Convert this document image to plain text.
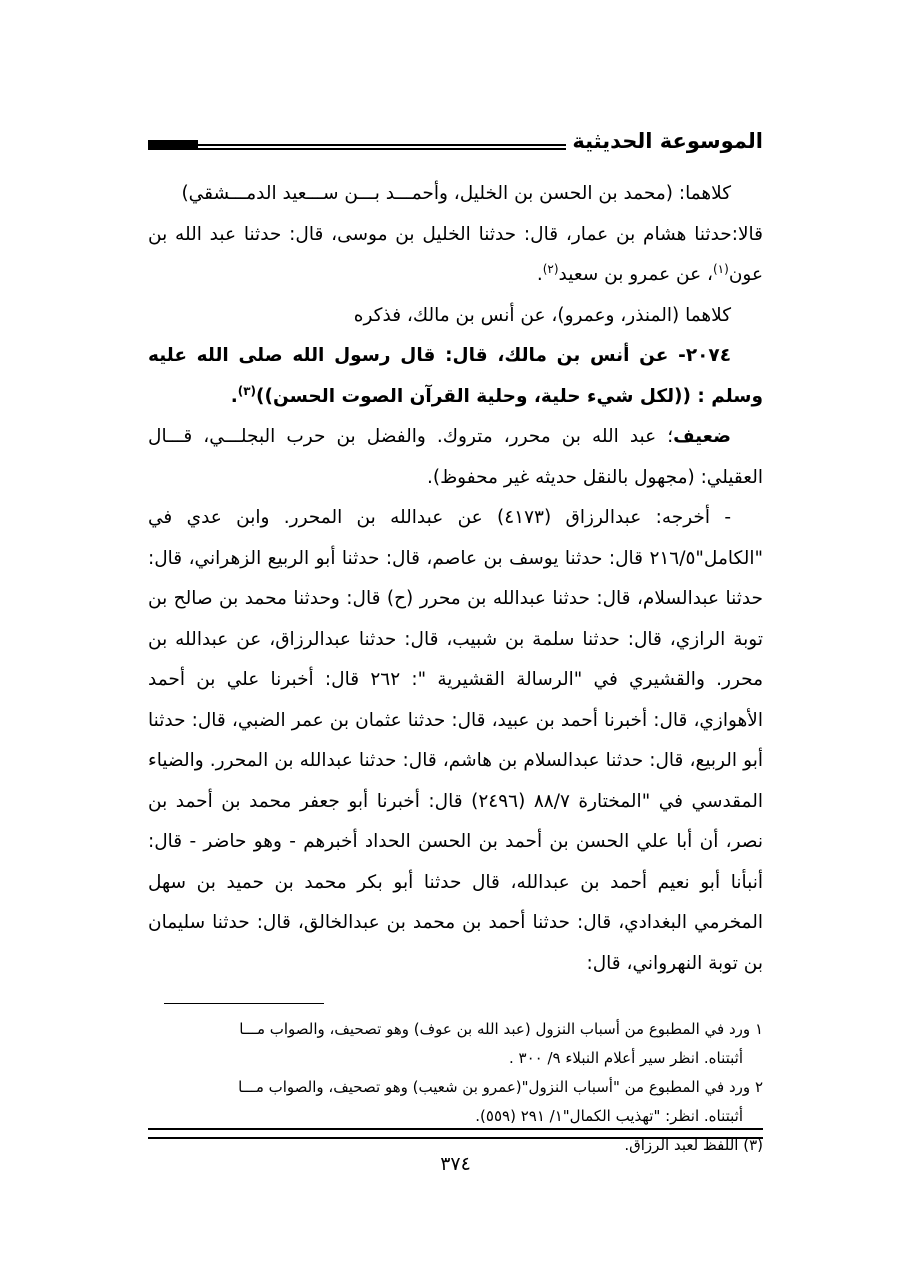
الموسوعة الحديثية

كلاهما: (محمد بن الحسن بن الخليل، وأحمـــد بـــن ســـعيد الدمـــشقي)

قالا:حدثنا هشام بن عمار، قال: حدثنا الخليل بن موسى، قال: حدثنا عبد الله بن عون$^{(١)}$، عن عمرو بن سعيد$^{(٢)}$.

كلاهما (المنذر، وعمرو)، عن أنس بن مالك، فذكره

٢٠٧٤- عن أنس بن مالك، قال: قال رسول الله صلى الله عليه وسلم : ((لكل شيء حلية، وحلية القرآن الصوت الحسن))$^{(٣)}$.

ضعيف؛ عبد الله بن محرر، متروك. والفضل بن حرب البجلـــي، قـــال العقيلي: (مجهول بالنقل حديثه غير محفوظ).

- أخرجه: عبدالرزاق (٤١٧٣) عن عبدالله بن المحرر. وابن عدي في "الكامل"٢١٦/٥ قال: حدثنا يوسف بن عاصم، قال: حدثنا أبو الربيع الزهراني، قال: حدثنا عبدالسلام، قال: حدثنا عبدالله بن محرر (ح) قال: وحدثنا محمد بن صالح بن توبة الرازي، قال: حدثنا سلمة بن شبيب، قال: حدثنا عبدالرزاق، عن عبدالله بن محرر. والقشيري في "الرسالة القشيرية ": ٢٦٢ قال: أخبرنا علي بن أحمد الأهوازي، قال: أخبرنا أحمد بن عبيد، قال: حدثنا عثمان بن عمر الضبي، قال: حدثنا أبو الربيع، قال: حدثنا عبدالسلام بن هاشم، قال: حدثنا عبدالله بن المحرر. والضياء المقدسي في "المختارة ٨٨/٧ (٢٤٩٦) قال: أخبرنا أبو جعفر محمد بن أحمد بن نصر، أن أبا علي الحسن بن أحمد بن الحسن الحداد أخبرهم - وهو حاضر - قال: أنبأنا أبو نعيم أحمد بن عبدالله، قال حدثنا أبو بكر محمد بن حميد بن سهل المخرمي البغدادي، قال: حدثنا أحمد بن محمد بن عبدالخالق، قال: حدثنا سليمان بن توبة النهرواني، قال:

١ ورد في المطبوع من أسباب النزول (عبد الله بن عوف) وهو تصحيف، والصواب مـــا

أثبتناه. انظر سير أعلام النبلاء ٩/ ٣٠٠ .

٢ ورد في المطبوع من "أسباب النزول"(عمرو بن شعيب) وهو تصحيف، والصواب مـــا

أثبتناه. انظر: "تهذيب الكمال"١/ ٢٩١ (٥٥٩).

(٣) اللفظ لعبد الرزاق.

٣٧٤
